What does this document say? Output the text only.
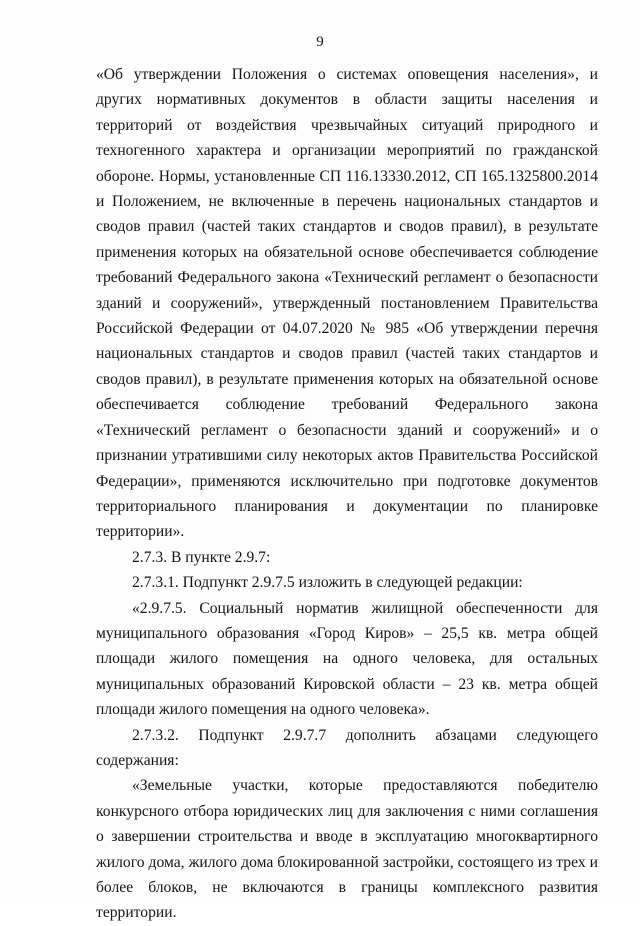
9

«Об утверждении Положения о системах оповещения населения», и других нормативных документов в области защиты населения и территорий от воздействия чрезвычайных ситуаций природного и техногенного характера и организации мероприятий по гражданской обороне. Нормы, установленные СП 116.13330.2012, СП 165.1325800.2014 и Положением, не включенные в перечень национальных стандартов и сводов правил (частей таких стандартов и сводов правил), в результате применения которых на обязательной основе обеспечивается соблюдение требований Федерального закона «Технический регламент о безопасности зданий и сооружений», утвержденный постановлением Правительства Российской Федерации от 04.07.2020 № 985 «Об утверждении перечня национальных стандартов и сводов правил (частей таких стандартов и сводов правил), в результате применения которых на обязательной основе обеспечивается соблюдение требований Федерального закона «Технический регламент о безопасности зданий и сооружений» и о признании утратившими силу некоторых актов Правительства Российской Федерации», применяются исключительно при подготовке документов территориального планирования и документации по планировке территории».

2.7.3. В пункте 2.9.7:

2.7.3.1. Подпункт 2.9.7.5 изложить в следующей редакции:

«2.9.7.5. Социальный норматив жилищной обеспеченности для муниципального образования «Город Киров» – 25,5 кв. метра общей площади жилого помещения на одного человека, для остальных муниципальных образований Кировской области – 23 кв. метра общей площади жилого помещения на одного человека».

2.7.3.2. Подпункт 2.9.7.7 дополнить абзацами следующего содержания:

«Земельные участки, которые предоставляются победителю конкурсного отбора юридических лиц для заключения с ними соглашения о завершении строительства и вводе в эксплуатацию многоквартирного жилого дома, жилого дома блокированной застройки, состоящего из трех и более блоков, не включаются в границы комплексного развития территории.
